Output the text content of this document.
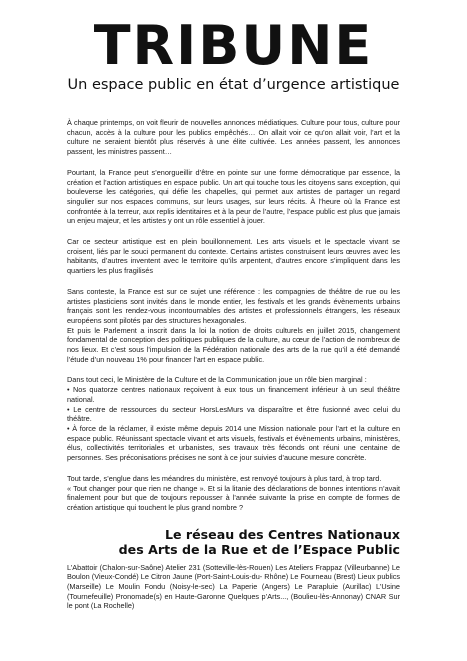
TRIBUNE
Un espace public en état d’urgence artistique

À chaque printemps, on voit fleurir de nouvelles annonces médiatiques. Culture pour tous, culture pour chacun, accès à la culture pour les publics empêchés… On allait voir ce qu’on allait voir, l’art et la culture ne seraient bientôt plus réservés à une élite cultivée. Les années passent, les annonces passent, les ministres passent…

Pourtant, la France peut s’enorgueillir d’être en pointe sur une forme démocratique par essence, la création et l’action artistiques en espace public. Un art qui touche tous les citoyens sans exception, qui bouleverse les catégories, qui défie les chapelles, qui permet aux artistes de partager un regard singulier sur nos espaces communs, sur leurs usages, sur leurs récits. À l’heure où la France est confrontée à la terreur, aux replis identitaires et à la peur de l’autre, l’espace public est plus que jamais un enjeu majeur, et les artistes y ont un rôle essentiel à jouer.

Car ce secteur artistique est en plein bouillonnement. Les arts visuels et le spectacle vivant se croisent, liés par le souci permanent du contexte. Certains artistes construisent leurs œuvres avec les habitants, d’autres inventent avec le territoire qu’ils arpentent, d’autres encore s’impliquent dans les quartiers les plus fragilisés

Sans conteste, la France est sur ce sujet une référence : les compagnies de théâtre de rue ou les artistes plasticiens sont invités dans le monde entier, les festivals et les grands évènements urbains français sont les rendez-vous incontournables des artistes et professionnels étrangers, les réseaux européens sont pilotés par des structures hexagonales.

Et puis le Parlement a inscrit dans la loi la notion de droits culturels en juillet 2015, changement fondamental de conception des politiques publiques de la culture, au cœur de l’action de nombreux de nos lieux. Et c’est sous l’impulsion de la Fédération nationale des arts de la rue qu’il a été demandé l’étude d’un nouveau 1% pour financer l’art en espace public.

Dans tout ceci, le Ministère de la Culture et de la Communication joue un rôle bien marginal :

• Nos quatorze centres nationaux reçoivent à eux tous un financement inférieur à un seul théâtre national.

• Le centre de ressources du secteur HorsLesMurs va disparaître et être fusionné avec celui du théâtre.

• À force de la réclamer, il existe même depuis 2014 une Mission nationale pour l’art et la culture en espace public. Réunissant spectacle vivant et arts visuels, festivals et évènements urbains, ministères, élus, collectivités territoriales et urbanistes, ses travaux très féconds ont réuni une centaine de personnes. Ses préconisations précises ne sont à ce jour suivies d’aucune mesure concrète.

Tout tarde, s’englue dans les méandres du ministère, est renvoyé toujours à plus tard, à trop tard.

« Tout changer pour que rien ne change ». Et si la litanie des déclarations de bonnes intentions n’avait finalement pour but que de toujours repousser à l’année suivante la prise en compte de formes de création artistique qui touchent le plus grand nombre ?

Le réseau des Centres Nationaux
des Arts de la Rue et de l’Espace Public

L’Abattoir (Chalon-sur-Saône) Atelier 231 (Sotteville-lès-Rouen) Les Ateliers Frappaz (Villeurbanne) Le Boulon (Vieux-Condé) Le Citron Jaune (Port-Saint-Louis-du- Rhône) Le Fourneau (Brest) Lieux publics (Marseille) Le Moulin Fondu (Noisy-le-sec) La Paperie (Angers) Le Parapluie (Aurillac) L’Usine (Tournefeuille) Pronomade(s) en Haute-Garonne Quelques p’Arts..., (Boulieu-lès-Annonay) CNAR Sur le pont (La Rochelle)
